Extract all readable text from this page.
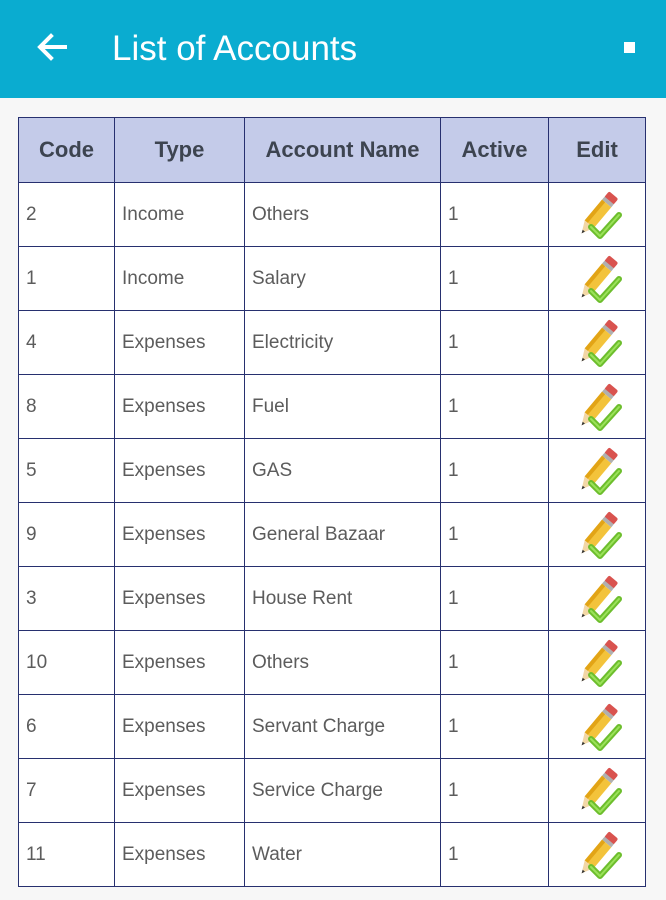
List of Accounts
Code	Type	Account Name	Active	Edit
2	Income	Others	1	
1	Income	Salary	1	
4	Expenses	Electricity	1	
8	Expenses	Fuel	1	
5	Expenses	GAS	1	
9	Expenses	General Bazaar	1	
3	Expenses	House Rent	1	
10	Expenses	Others	1	
6	Expenses	Servant Charge	1	
7	Expenses	Service Charge	1	
11	Expenses	Water	1	
